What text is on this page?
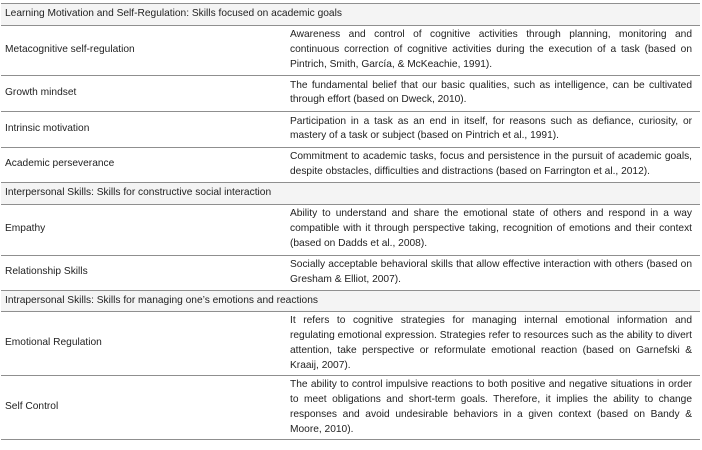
Learning Motivation and Self-Regulation: Skills focused on academic goals	
Metacognitive self-regulation	Awareness and control of cognitive activities through planning, monitoring and continuous correction of cognitive activities during the execution of a task (based on Pintrich, Smith, García, & McKeachie, 1991).
Growth mindset	The fundamental belief that our basic qualities, such as intelligence, can be cultivated through effort (based on Dweck, 2010).
Intrinsic motivation	Participation in a task as an end in itself, for reasons such as defiance, curiosity, or mastery of a task or subject (based on Pintrich et al., 1991).
Academic perseverance	Commitment to academic tasks, focus and persistence in the pursuit of academic goals, despite obstacles, difficulties and distractions (based on Farrington et al., 2012).
Interpersonal Skills: Skills for constructive social interaction	
Empathy	Ability to understand and share the emotional state of others and respond in a way compatible with it through perspective taking, recognition of emotions and their context (based on Dadds et al., 2008).
Relationship Skills	Socially acceptable behavioral skills that allow effective interaction with others (based on Gresham & Elliot, 2007).
Intrapersonal Skills: Skills for managing one’s emotions and reactions	
Emotional Regulation	It refers to cognitive strategies for managing internal emotional information and regulating emotional expression. Strategies refer to resources such as the ability to divert attention, take perspective or reformulate emotional reaction (based on Garnefski & Kraaij, 2007).
Self Control	The ability to control impulsive reactions to both positive and negative situations in order to meet obligations and short-term goals. Therefore, it implies the ability to change responses and avoid undesirable behaviors in a given context (based on Bandy & Moore, 2010).
